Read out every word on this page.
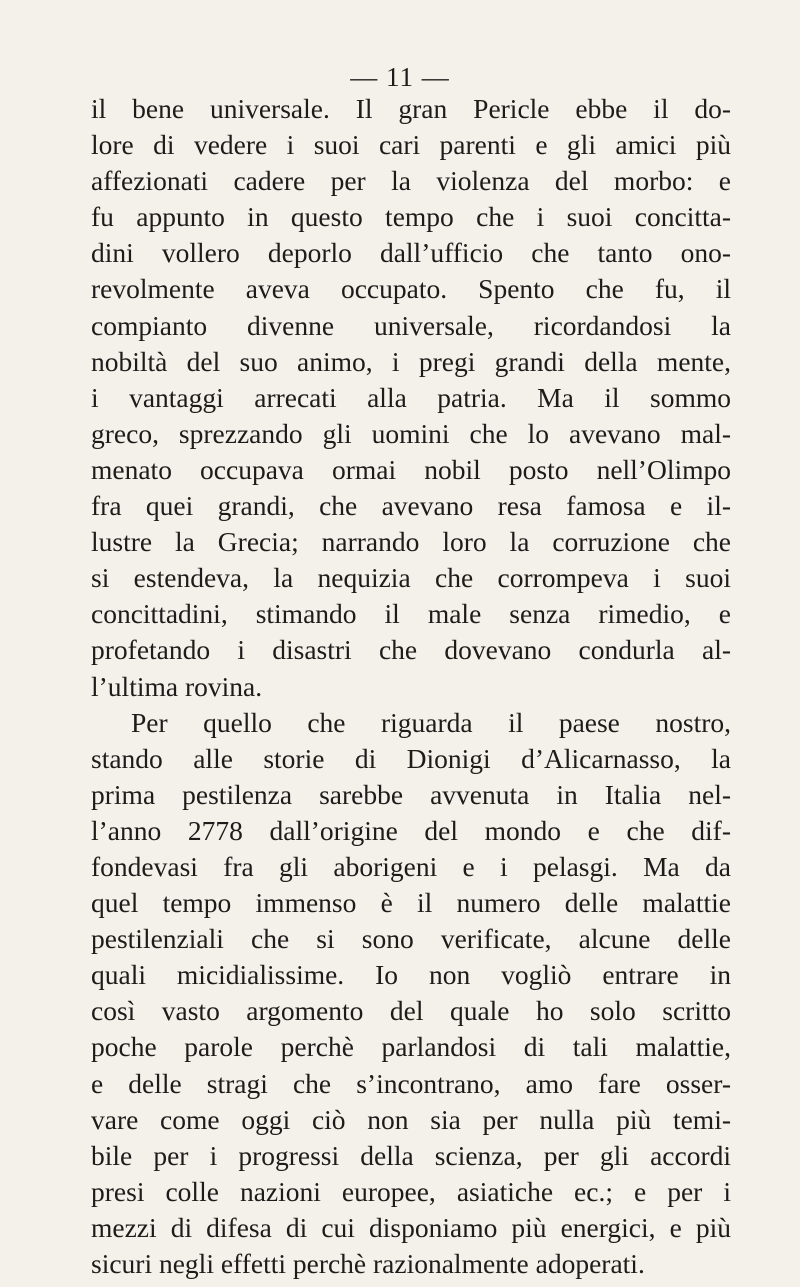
— 11 —
il bene universale. Il gran Pericle ebbe il do-
lore di vedere i suoi cari parenti e gli amici più
affezionati cadere per la violenza del morbo: e
fu appunto in questo tempo che i suoi concitta-
dini vollero deporlo dall’ufficio che tanto ono-
revolmente aveva occupato. Spento che fu, il
compianto divenne universale, ricordandosi la
nobiltà del suo animo, i pregi grandi della mente,
i vantaggi arrecati alla patria. Ma il sommo
greco, sprezzando gli uomini che lo avevano mal-
menato occupava ormai nobil posto nell’Olimpo
fra quei grandi, che avevano resa famosa e il-
lustre la Grecia; narrando loro la corruzione che
si estendeva, la nequizia che corrompeva i suoi
concittadini, stimando il male senza rimedio, e
profetando i disastri che dovevano condurla al-
l’ultima rovina.
Per quello che riguarda il paese nostro,
stando alle storie di Dionigi d’Alicarnasso, la
prima pestilenza sarebbe avvenuta in Italia nel-
l’anno 2778 dall’origine del mondo e che dif-
fondevasi fra gli aborigeni e i pelasgi. Ma da
quel tempo immenso è il numero delle malattie
pestilenziali che si sono verificate, alcune delle
quali micidialissime. Io non vogliò entrare in
così vasto argomento del quale ho solo scritto
poche parole perchè parlandosi di tali malattie,
e delle stragi che s’incontrano, amo fare osser-
vare come oggi ciò non sia per nulla più temi-
bile per i progressi della scienza, per gli accordi
presi colle nazioni europee, asiatiche ec.; e per i
mezzi di difesa di cui disponiamo più energici, e più
sicuri negli effetti perchè razionalmente adoperati.
